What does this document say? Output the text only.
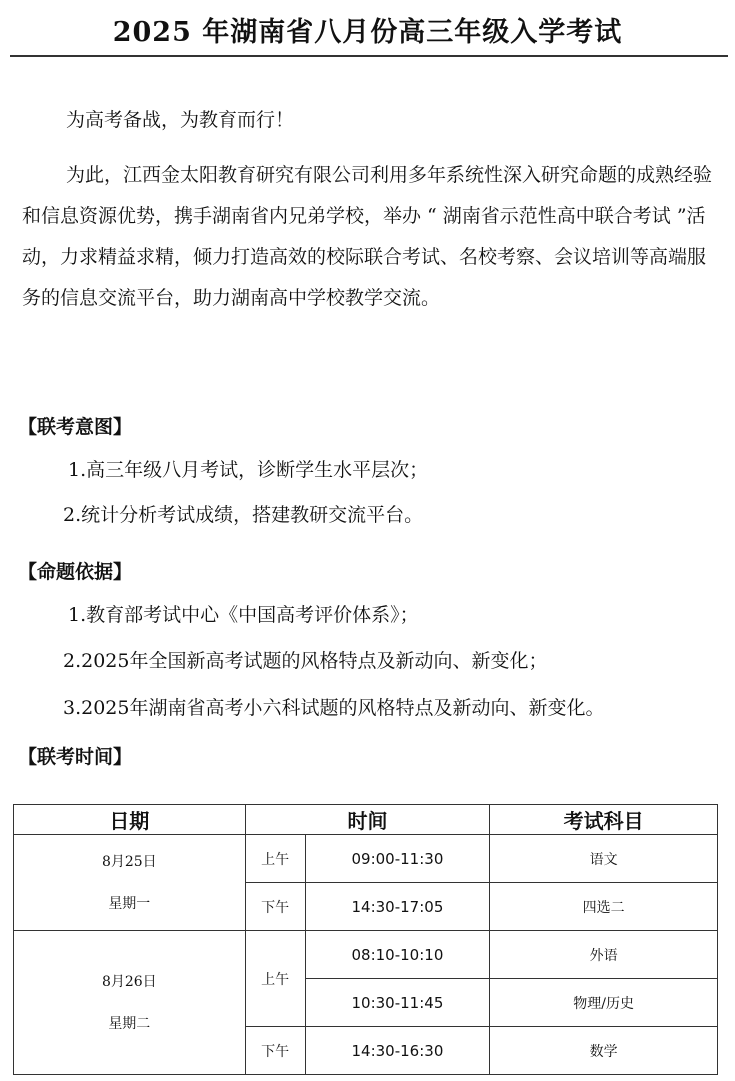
2025 年湖南省八月份高三年级入学考试
为高考备战，为教育而行！
为此，江西金太阳教育研究有限公司利用多年系统性深入研究命题的成熟经验和信息资源优势，携手湖南省内兄弟学校，举办 “ 湖南省示范性高中联合考试 ”活动，力求精益求精，倾力打造高效的校际联合考试、名校考察、会议培训等高端服务的信息交流平台，助力湖南高中学校教学交流。
【联考意图】
1.高三年级八月考试，诊断学生水平层次；
2.统计分析考试成绩，搭建教研交流平台。
【命题依据】
1.教育部考试中心《中国高考评价体系》；
2.2025年全国新高考试题的风格特点及新动向、新变化；
3.2025年湖南省高考小六科试题的风格特点及新动向、新变化。
【联考时间】
日期	时间		考试科目

8月25日
星期一	上午	09:00-11:30	语文
	下午	14:30-17:05	四选二

8月26日
星期二	上午	08:10-10:10	外语
		10:30-11:45	物理/历史
	下午	14:30-16:30	数学
